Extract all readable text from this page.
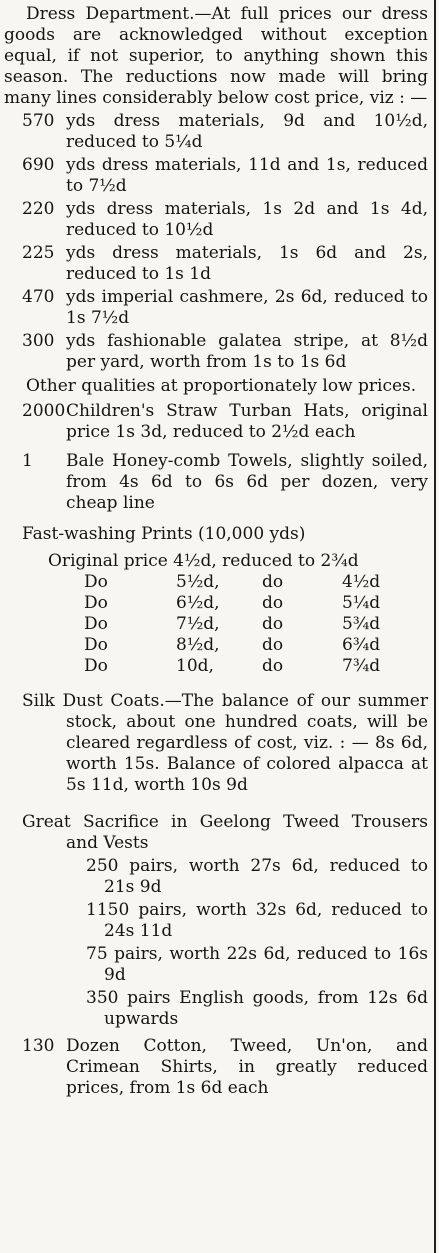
Dress Department.—At full prices our dress goods are acknowledged without exception equal, if not superior, to anything shown this season. The reductions now made will bring many lines considerably below cost price, viz : —

570 yds dress materials, 9d and 10½d, reduced to 5¼d
690 yds dress materials, 11d and 1s, reduced to 7½d
220 yds dress materials, 1s 2d and 1s 4d, reduced to 10½d
225 yds dress materials, 1s 6d and 2s, reduced to 1s 1d
470 yds imperial cashmere, 2s 6d, reduced to 1s 7½d
300 yds fashionable galatea stripe, at 8½d per yard, worth from 1s to 1s 6d

Other qualities at proportionately low prices.

2000 Children's Straw Turban Hats, original price 1s 3d, reduced to 2½d each
1 Bale Honey-comb Towels, slightly soiled, from 4s 6d to 6s 6d per dozen, very cheap line

Fast-washing Prints (10,000 yds)

Original price 4½d, reduced to 2¾d

Do	5½d,	do	4½d
Do	6½d,	do	5¼d
Do	7½d,	do	5¾d
Do	8½d,	do	6¾d
Do	10d,	do	7¾d
Silk Dust Coats.—The balance of our summer stock, about one hundred coats, will be cleared regardless of cost, viz. : — 8s 6d, worth 15s. Balance of colored alpacca at 5s 11d, worth 10s 9d
Great Sacrifice in Geelong Tweed Trousers and Vests

250 pairs, worth 27s 6d, reduced to 21s 9d

1150 pairs, worth 32s 6d, reduced to 24s 11d

75 pairs, worth 22s 6d, reduced to 16s 9d

350 pairs English goods, from 12s 6d upwards

130 Dozen Cotton, Tweed, Un'on, and Crimean Shirts, in greatly reduced prices, from 1s 6d each
